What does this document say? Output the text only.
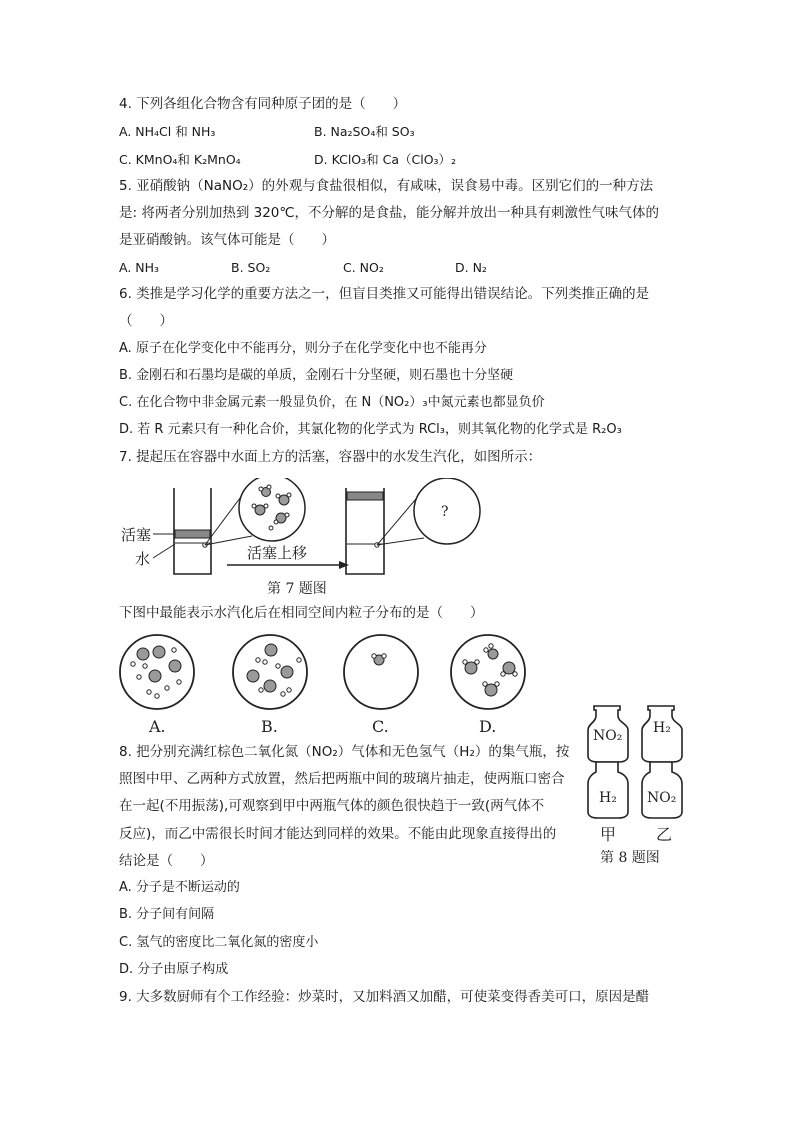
4. 下列各组化合物含有同种原子团的是（　　）
A. NH₄Cl 和 NH₃	B. Na₂SO₄和 SO₃
C. KMnO₄和 K₂MnO₄	D. KClO₃和 Ca（ClO₃）₂
5. 亚硝酸钠（NaNO₂）的外观与食盐很相似，有咸味，误食易中毒。区别它们的一种方法
是: 将两者分别加热到 320℃，不分解的是食盐，能分解并放出一种具有刺激性气味气体的
是亚硝酸钠。该气体可能是（　　）
A. NH₃	B. SO₂	C. NO₂	D. N₂
6. 类推是学习化学的重要方法之一，但盲目类推又可能得出错误结论。下列类推正确的是
（　　）
A. 原子在化学变化中不能再分，则分子在化学变化中也不能再分
B. 金刚石和石墨均是碳的单质，金刚石十分坚硬，则石墨也十分坚硬
C. 在化合物中非金属元素一般显负价，在 N（NO₂）₃中氮元素也都显负价
D. 若 R 元素只有一种化合价，其氯化物的化学式为 RCl₃，则其氧化物的化学式是 R₂O₃
7. 提起压在容器中水面上方的活塞，容器中的水发生汽化，如图所示：
活塞
水	活塞上移
?
第 7 题图
下图中最能表示水汽化后在相同空间内粒子分布的是（　　）
A.	B.	C.	D.
8. 把分别充满红棕色二氧化氮（NO₂）气体和无色氢气（H₂）的集气瓶，按
照图中甲、乙两种方式放置，然后把两瓶中间的玻璃片抽走，使两瓶口密合
在一起(不用振荡),可观察到甲中两瓶气体的颜色很快趋于一致(两气体不
反应)，而乙中需很长时间才能达到同样的效果。不能由此现象直接得出的
结论是（　　）
A. 分子是不断运动的
B. 分子间有间隔
C. 氢气的密度比二氧化氮的密度小
D. 分子由原子构成
NO₂
H₂
H₂
NO₂
甲 乙
第 8 题图
9. 大多数厨师有个工作经验：炒菜时，又加料酒又加醋，可使菜变得香美可口，原因是醋
